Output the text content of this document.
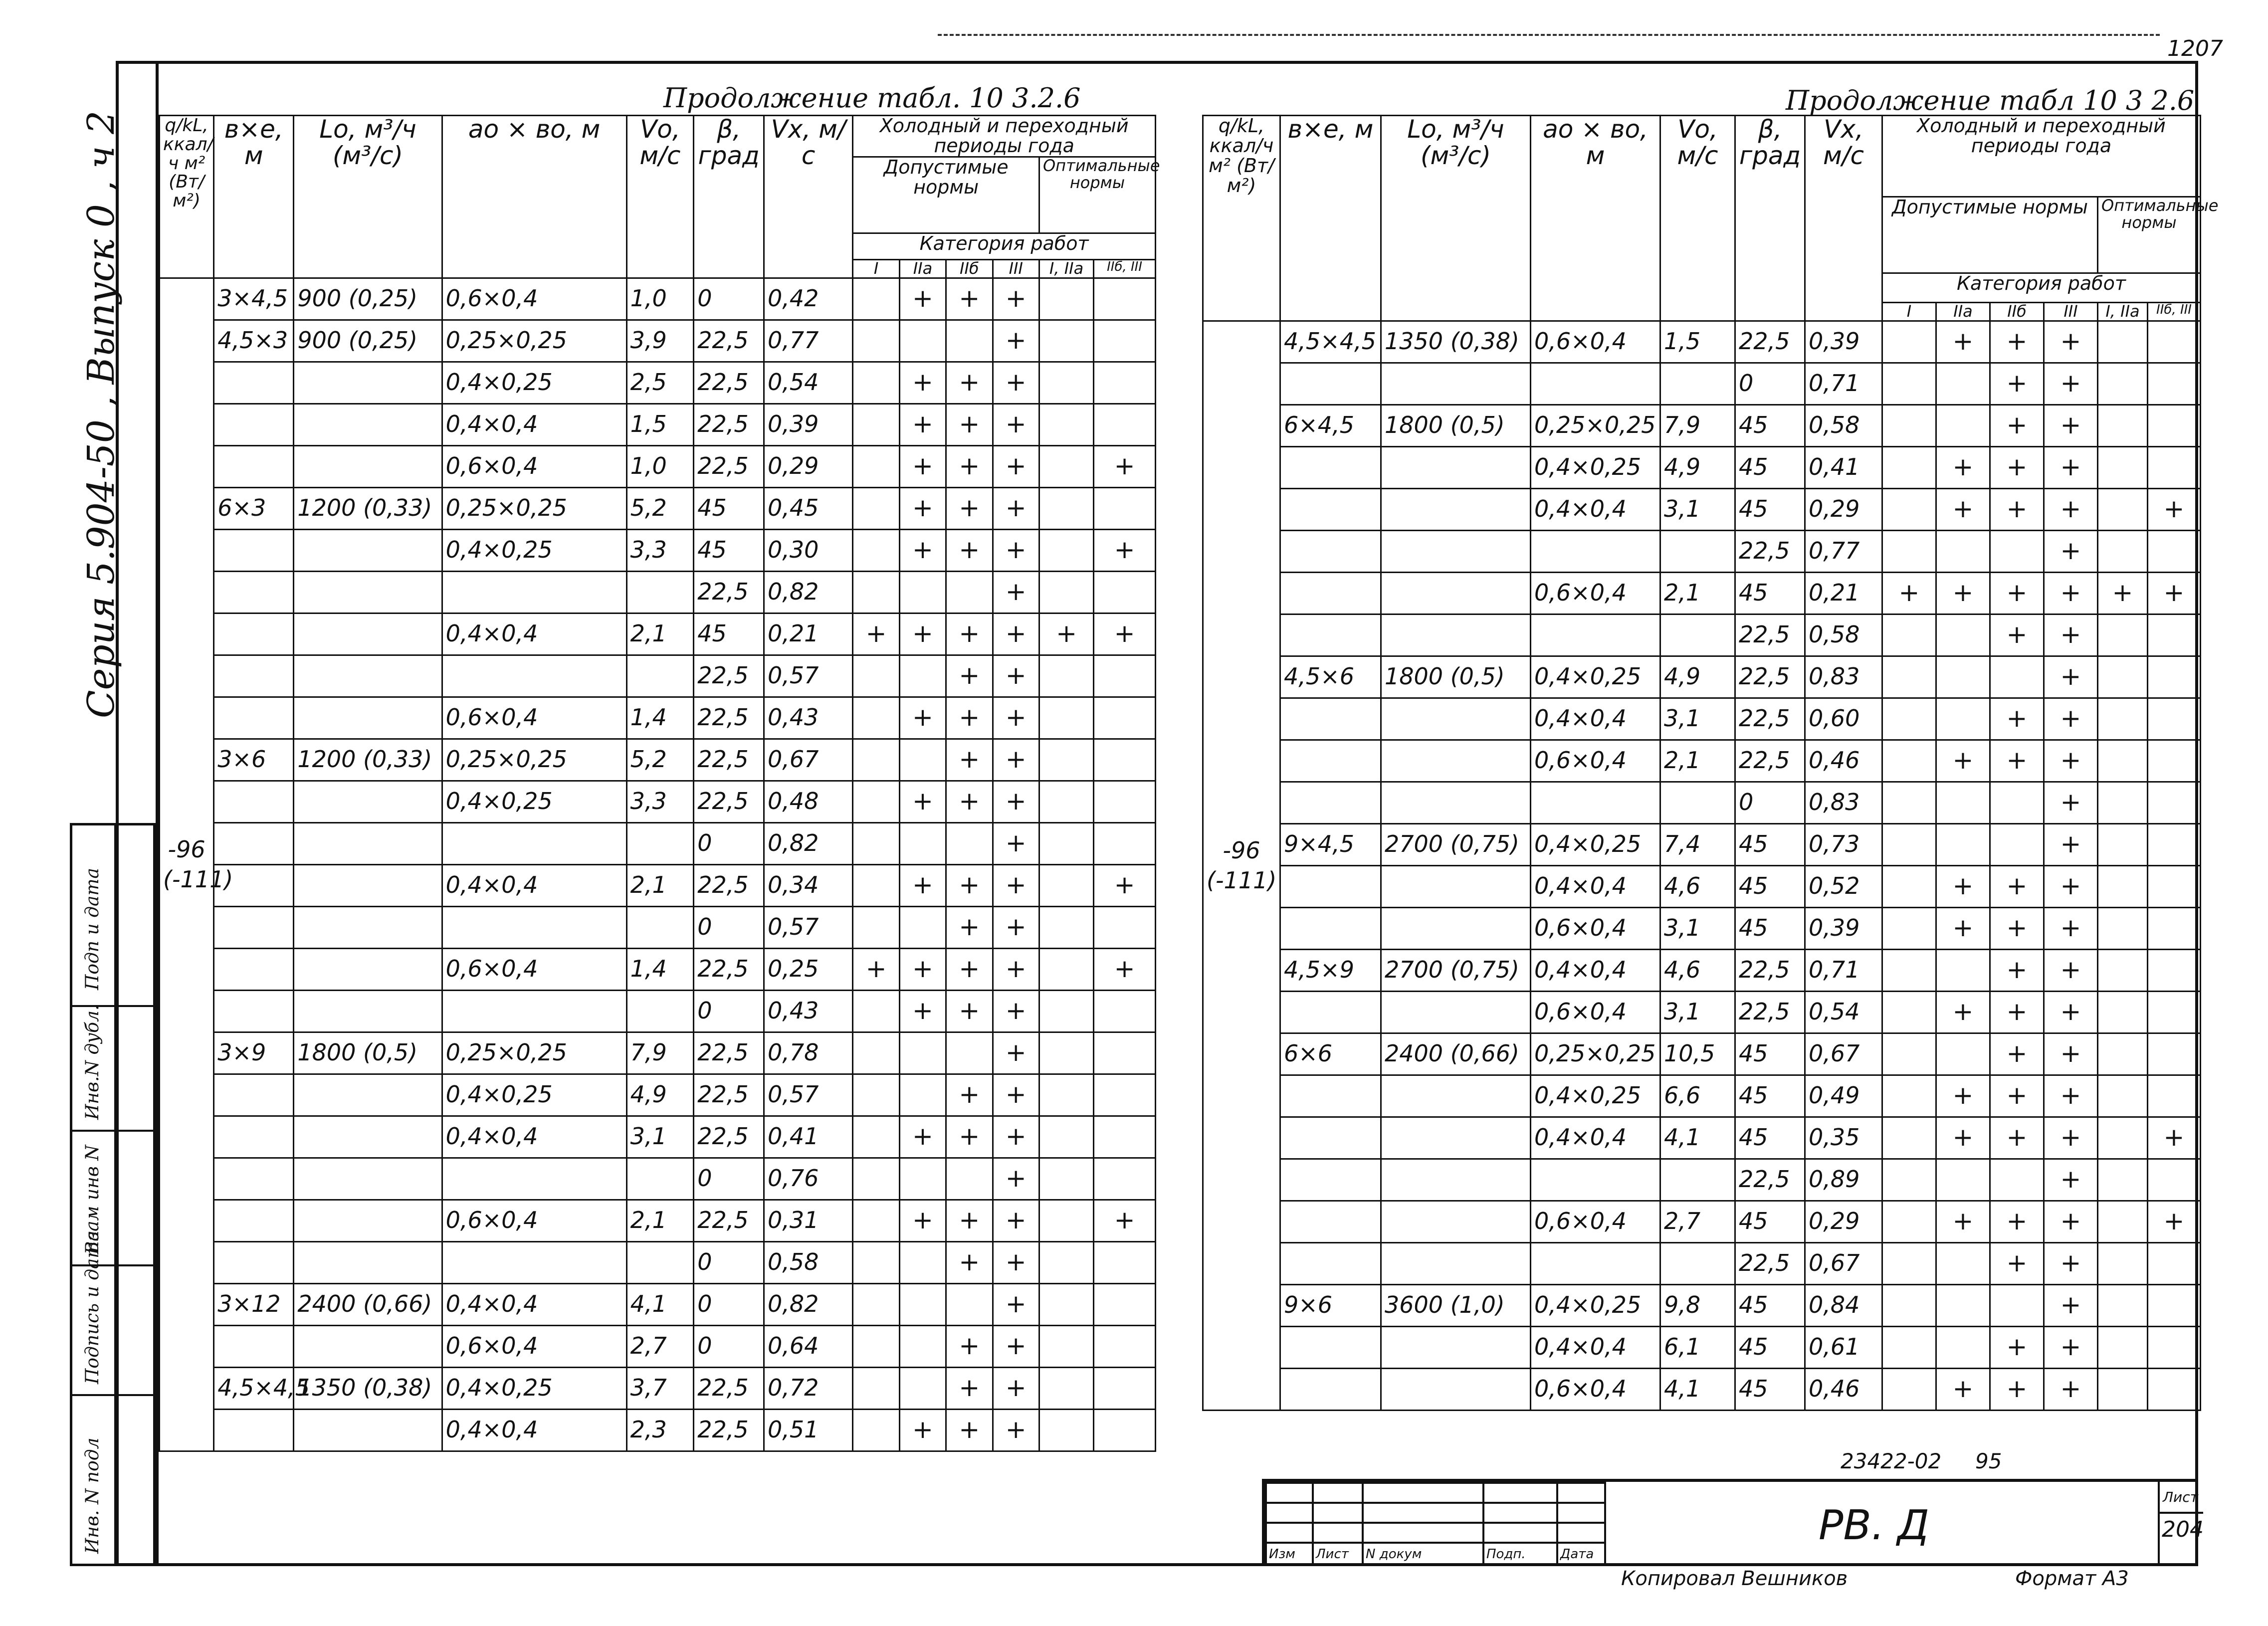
1207
Серия 5.904-50 , Выпуск 0 , ч 2
Подп и дата
Инв.N дубл.
Взам инв N
Подпись и дата
Инв. N подл
Продолжение табл. 10 3.2.6	Продолжение табл 10 3 2.6
q/kL, ккал/ч м² (Вт/м²)	в×е, м	Lо, м³/ч (м³/с)	aо × во, м	Vо, м/с	β, град	Vх, м/с	Холодный и переходный периоды года					
							Допустимые нормы				Оптимальные нормы	
							Категория работ					
							I	IIа	IIб	III	I, IIа	IIб, III

-96
(-111)	3×4,5	900 (0,25)	0,6×0,4	1,0	0	0,42		+	+	+		
	4,5×3	900 (0,25)	0,25×0,25	3,9	22,5	0,77				+		
			0,4×0,25	2,5	22,5	0,54		+	+	+		
			0,4×0,4	1,5	22,5	0,39		+	+	+		
			0,6×0,4	1,0	22,5	0,29		+	+	+		+
	6×3	1200 (0,33)	0,25×0,25	5,2	45	0,45		+	+	+		
			0,4×0,25	3,3	45	0,30		+	+	+		+
					22,5	0,82				+		
			0,4×0,4	2,1	45	0,21	+	+	+	+	+	+
					22,5	0,57			+	+		
			0,6×0,4	1,4	22,5	0,43		+	+	+		
	3×6	1200 (0,33)	0,25×0,25	5,2	22,5	0,67			+	+		
			0,4×0,25	3,3	22,5	0,48		+	+	+		
					0	0,82				+		
			0,4×0,4	2,1	22,5	0,34		+	+	+		+
					0	0,57			+	+		
			0,6×0,4	1,4	22,5	0,25	+	+	+	+		+
					0	0,43		+	+	+		
	3×9	1800 (0,5)	0,25×0,25	7,9	22,5	0,78				+		
			0,4×0,25	4,9	22,5	0,57			+	+		
			0,4×0,4	3,1	22,5	0,41		+	+	+		
					0	0,76				+		
			0,6×0,4	2,1	22,5	0,31		+	+	+		+
					0	0,58			+	+		
	3×12	2400 (0,66)	0,4×0,4	4,1	0	0,82				+		
			0,6×0,4	2,7	0	0,64			+	+		
	4,5×4,5	1350 (0,38)	0,4×0,25	3,7	22,5	0,72			+	+		
			0,4×0,4	2,3	22,5	0,51		+	+	+		
q/kL, ккал/ч м² (Вт/м²)	в×е, м	Lо, м³/ч (м³/с)	aо × во, м	Vо, м/с	β, град	Vх, м/с	Холодный и переходный периоды года					
							Допустимые нормы				Оптимальные нормы	
							Категория работ					
							I	IIа	IIб	III	I, IIа	IIб, III

-96
(-111)	4,5×4,5	1350 (0,38)	0,6×0,4	1,5	22,5	0,39		+	+	+		
					0	0,71			+	+		
	6×4,5	1800 (0,5)	0,25×0,25	7,9	45	0,58			+	+		
			0,4×0,25	4,9	45	0,41		+	+	+		
			0,4×0,4	3,1	45	0,29		+	+	+		+
					22,5	0,77				+		
			0,6×0,4	2,1	45	0,21	+	+	+	+	+	+
					22,5	0,58			+	+		
	4,5×6	1800 (0,5)	0,4×0,25	4,9	22,5	0,83				+		
			0,4×0,4	3,1	22,5	0,60			+	+		
			0,6×0,4	2,1	22,5	0,46		+	+	+		
					0	0,83				+		
	9×4,5	2700 (0,75)	0,4×0,25	7,4	45	0,73				+		
			0,4×0,4	4,6	45	0,52		+	+	+		
			0,6×0,4	3,1	45	0,39		+	+	+		
	4,5×9	2700 (0,75)	0,4×0,4	4,6	22,5	0,71			+	+		
			0,6×0,4	3,1	22,5	0,54		+	+	+		
	6×6	2400 (0,66)	0,25×0,25	10,5	45	0,67			+	+		
			0,4×0,25	6,6	45	0,49		+	+	+		
			0,4×0,4	4,1	45	0,35		+	+	+		+
					22,5	0,89				+		
			0,6×0,4	2,7	45	0,29		+	+	+		+
					22,5	0,67			+	+		
	9×6	3600 (1,0)	0,4×0,25	9,8	45	0,84				+		
			0,4×0,4	6,1	45	0,61			+	+		
			0,6×0,4	4,1	45	0,46		+	+	+		
23422-02 95

Изм	Лист	N докум	Подп.	Дата
РВ. Д
Лист
204
Копировал Вешников	Формат А3
